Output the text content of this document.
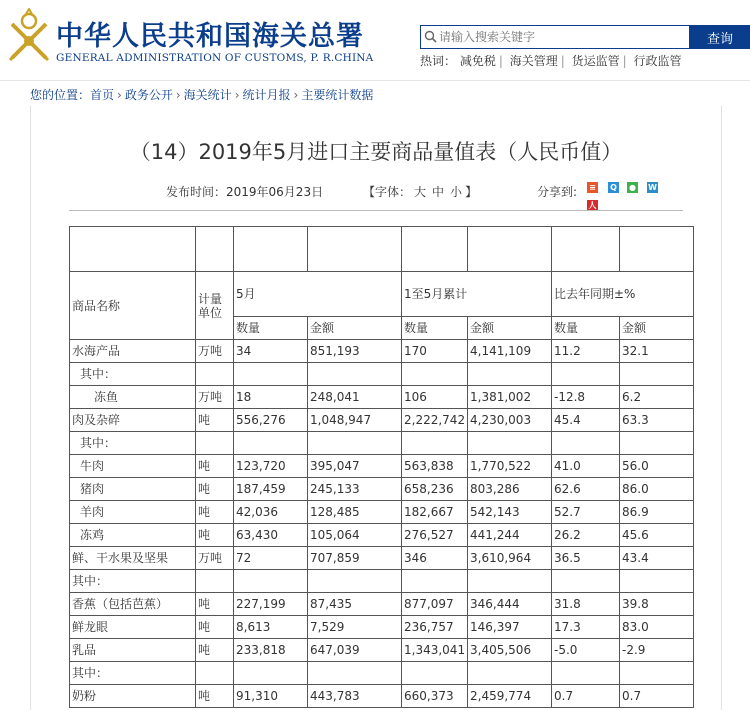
中华人民共和国海关总署
GENERAL ADMINISTRATION OF CUSTOMS, P. R.CHINA
请输入搜索关键字
查询
热词： 减免税 | 海关管理 | 货运监管 | 行政监管
您的位置：首页 › 政务公开 › 海关统计 › 统计月报 › 主要统计数据
（14）2019年5月进口主要商品量值表（人民币值）
发布时间：2019年06月23日	【字体： 大 中 小 】	分享到: ≡ Q ● W
人

商品名称	计量单位	5月		1至5月累计		比去年同期±%	
		数量	金额	数量	金额	数量	金额
水海产品	万吨	34	851,193	170	4,141,109	11.2	32.1
其中：							
冻鱼	万吨	18	248,041	106	1,381,002	-12.8	6.2
肉及杂碎	吨	556,276	1,048,947	2,222,742	4,230,003	45.4	63.3
其中：							
牛肉	吨	123,720	395,047	563,838	1,770,522	41.0	56.0
猪肉	吨	187,459	245,133	658,236	803,286	62.6	86.0
羊肉	吨	42,036	128,485	182,667	542,143	52.7	86.9
冻鸡	吨	63,430	105,064	276,527	441,244	26.2	45.6
鲜、干水果及坚果	万吨	72	707,859	346	3,610,964	36.5	43.4
其中：							
香蕉（包括芭蕉）	吨	227,199	87,435	877,097	346,444	31.8	39.8
鲜龙眼	吨	8,613	7,529	236,757	146,397	17.3	83.0
乳品	吨	233,818	647,039	1,343,041	3,405,506	-5.0	-2.9
其中：							
奶粉	吨	91,310	443,783	660,373	2,459,774	0.7	0.7
